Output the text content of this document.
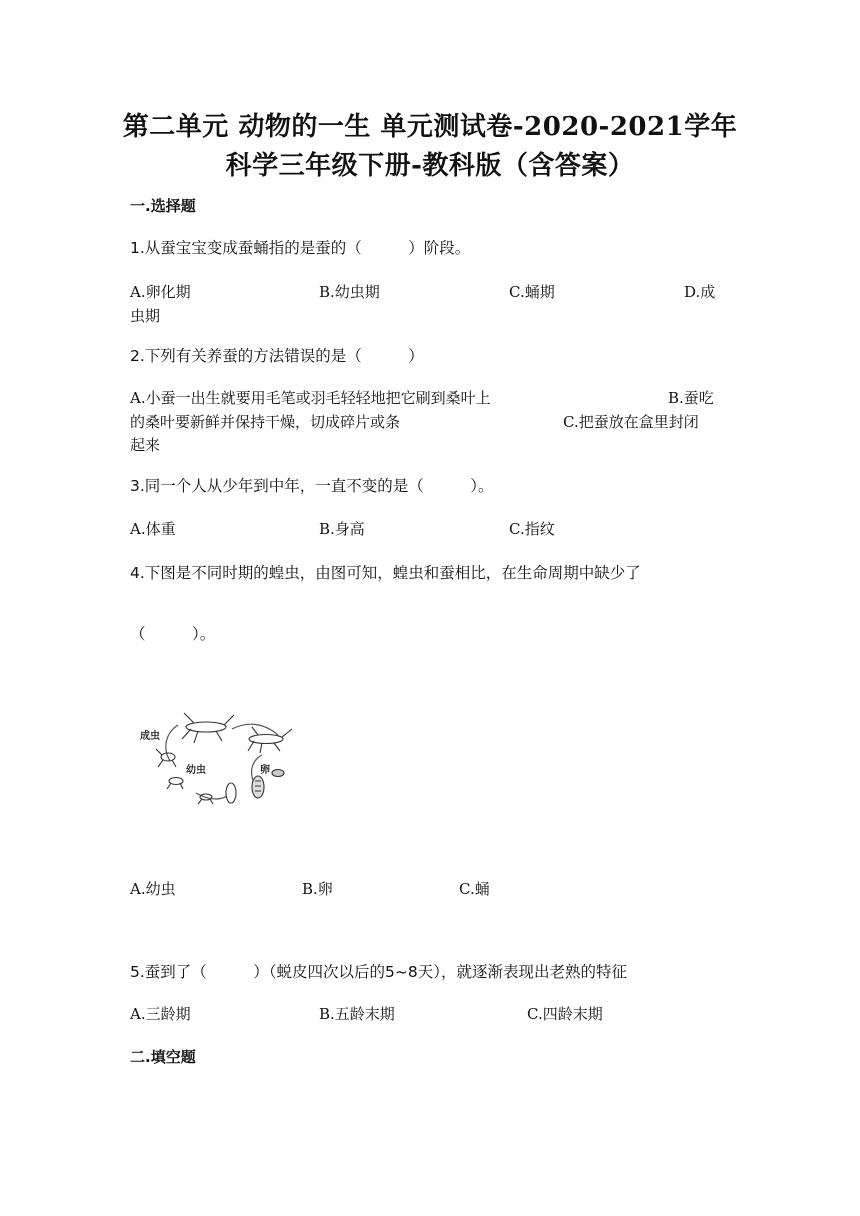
第二单元 动物的一生 单元测试卷-2020-2021学年
科学三年级下册-教科版（含答案）
一.选择题
1.从蚕宝宝变成蚕蛹指的是蚕的（　　　）阶段。
A.卵化期	B.幼虫期	C.蛹期	D.成
虫期
2.下列有关养蚕的方法错误的是（　　　）
A.小蚕一出生就要用毛笔或羽毛轻轻地把它刷到桑叶上	B.蚕吃
的桑叶要新鲜并保持干燥，切成碎片或条	C.把蚕放在盒里封闭
起来
3.同一个人从少年到中年，一直不变的是（　　　）。
A.体重	B.身高	C.指纹
4.下图是不同时期的蝗虫，由图可知，蝗虫和蚕相比，在生命周期中缺少了
（　　　）。
成虫
幼虫	卵
A.幼虫	B.卵	C.蛹
5.蚕到了（　　　）（蜕皮四次以后的5~8天），就逐渐表现出老熟的特征
A.三龄期	B.五龄末期	C.四龄末期
二.填空题
